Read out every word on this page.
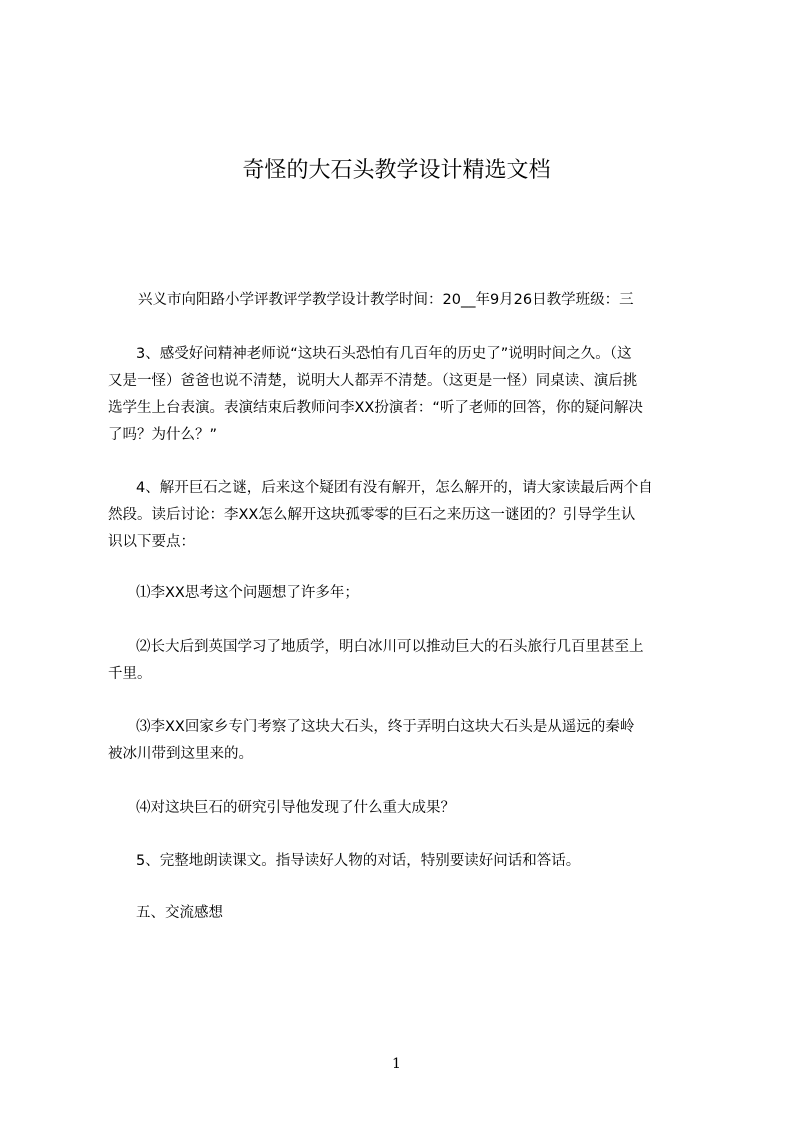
奇怪的大石头教学设计精选文档
兴义市向阳路小学评教评学教学设计教学时间：20__年9月26日教学班级：三
3、感受好问精神老师说“这块石头恐怕有几百年的历史了”说明时间之久。（这
又是一怪）爸爸也说不清楚，说明大人都弄不清楚。（这更是一怪）同桌读、演后挑
选学生上台表演。表演结束后教师问李XX扮演者：“听了老师的回答，你的疑问解决
了吗？为什么？”
4、解开巨石之谜，后来这个疑团有没有解开，怎么解开的，请大家读最后两个自
然段。读后讨论：李XX怎么解开这块孤零零的巨石之来历这一谜团的？引导学生认
识以下要点：
⑴李XX思考这个问题想了许多年；
⑵长大后到英国学习了地质学，明白冰川可以推动巨大的石头旅行几百里甚至上
千里。
⑶李XX回家乡专门考察了这块大石头，终于弄明白这块大石头是从遥远的秦岭
被冰川带到这里来的。
⑷对这块巨石的研究引导他发现了什么重大成果？
5、完整地朗读课文。指导读好人物的对话，特别要读好问话和答话。
五、交流感想
1
